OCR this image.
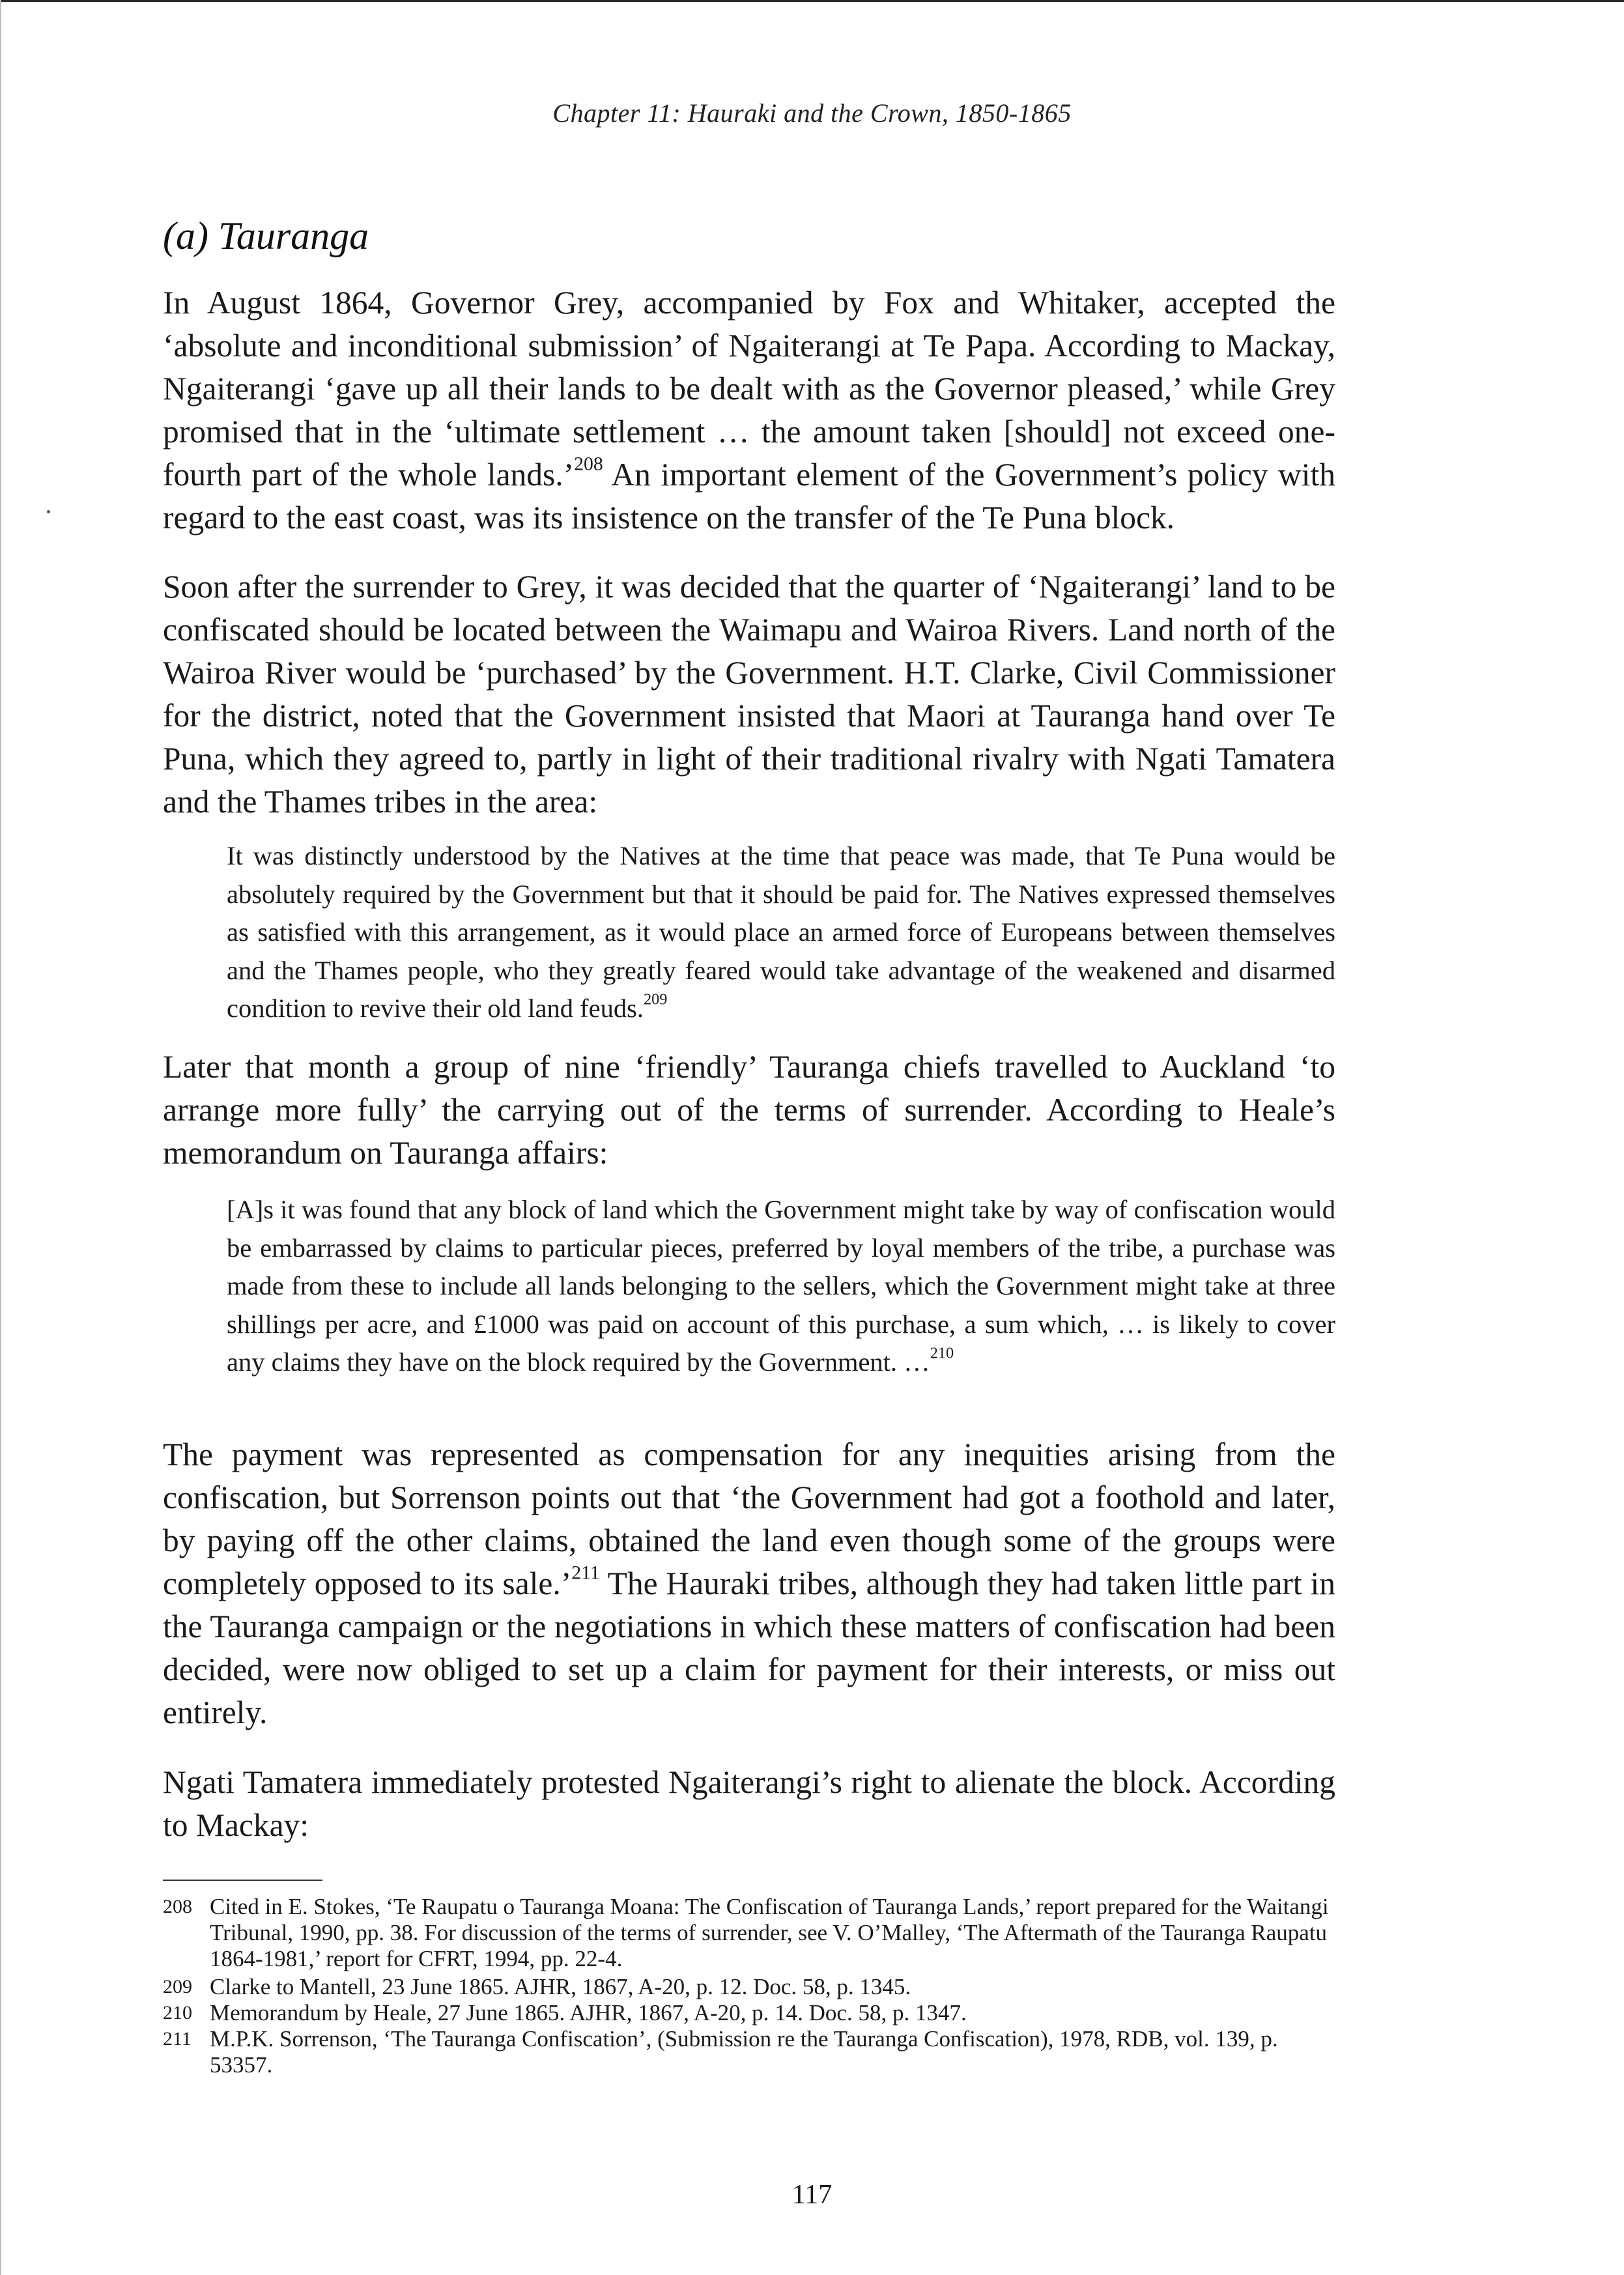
Chapter 11: Hauraki and the Crown, 1850-1865
(a) Tauranga

In August 1864, Governor Grey, accompanied by Fox and Whitaker, accepted the ‘absolute and inconditional submission’ of Ngaiterangi at Te Papa. According to Mackay, Ngaiterangi ‘gave up all their lands to be dealt with as the Governor pleased,’ while Grey promised that in the ‘ultimate settlement … the amount taken [should] not exceed one-fourth part of the whole lands.’$^{208}$ An important element of the Government’s policy with regard to the east coast, was its insistence on the transfer of the Te Puna block.

Soon after the surrender to Grey, it was decided that the quarter of ‘Ngaiterangi’ land to be confiscated should be located between the Waimapu and Wairoa Rivers. Land north of the Wairoa River would be ‘purchased’ by the Government. H.T. Clarke, Civil Commissioner for the district, noted that the Government insisted that Maori at Tauranga hand over Te Puna, which they agreed to, partly in light of their traditional rivalry with Ngati Tamatera and the Thames tribes in the area:

It was distinctly understood by the Natives at the time that peace was made, that Te Puna would be absolutely required by the Government but that it should be paid for. The Natives expressed themselves as satisfied with this arrangement, as it would place an armed force of Europeans between themselves and the Thames people, who they greatly feared would take advantage of the weakened and disarmed condition to revive their old land feuds.$^{209}$

Later that month a group of nine ‘friendly’ Tauranga chiefs travelled to Auckland ‘to arrange more fully’ the carrying out of the terms of surrender. According to Heale’s memorandum on Tauranga affairs:

[A]s it was found that any block of land which the Government might take by way of confiscation would be embarrassed by claims to particular pieces, preferred by loyal members of the tribe, a purchase was made from these to include all lands belonging to the sellers, which the Government might take at three shillings per acre, and £1000 was paid on account of this purchase, a sum which, … is likely to cover any claims they have on the block required by the Government. …$^{210}$

The payment was represented as compensation for any inequities arising from the confiscation, but Sorrenson points out that ‘the Government had got a foothold and later, by paying off the other claims, obtained the land even though some of the groups were completely opposed to its sale.’$^{211}$ The Hauraki tribes, although they had taken little part in the Tauranga campaign or the negotiations in which these matters of confiscation had been decided, were now obliged to set up a claim for payment for their interests, or miss out entirely.

Ngati Tamatera immediately protested Ngaiterangi’s right to alienate the block. According to Mackay:

208 Cited in E. Stokes, ‘Te Raupatu o Tauranga Moana: The Confiscation of Tauranga Lands,’ report prepared for the Waitangi Tribunal, 1990, pp. 38. For discussion of the terms of surrender, see V. O’Malley, ‘The Aftermath of the Tauranga Raupatu 1864-1981,’ report for CFRT, 1994, pp. 22-4.
209 Clarke to Mantell, 23 June 1865. AJHR, 1867, A-20, p. 12. Doc. 58, p. 1345.
210 Memorandum by Heale, 27 June 1865. AJHR, 1867, A-20, p. 14. Doc. 58, p. 1347.
211 M.P.K. Sorrenson, ‘The Tauranga Confiscation’, (Submission re the Tauranga Confiscation), 1978, RDB, vol. 139, p. 53357.
117
